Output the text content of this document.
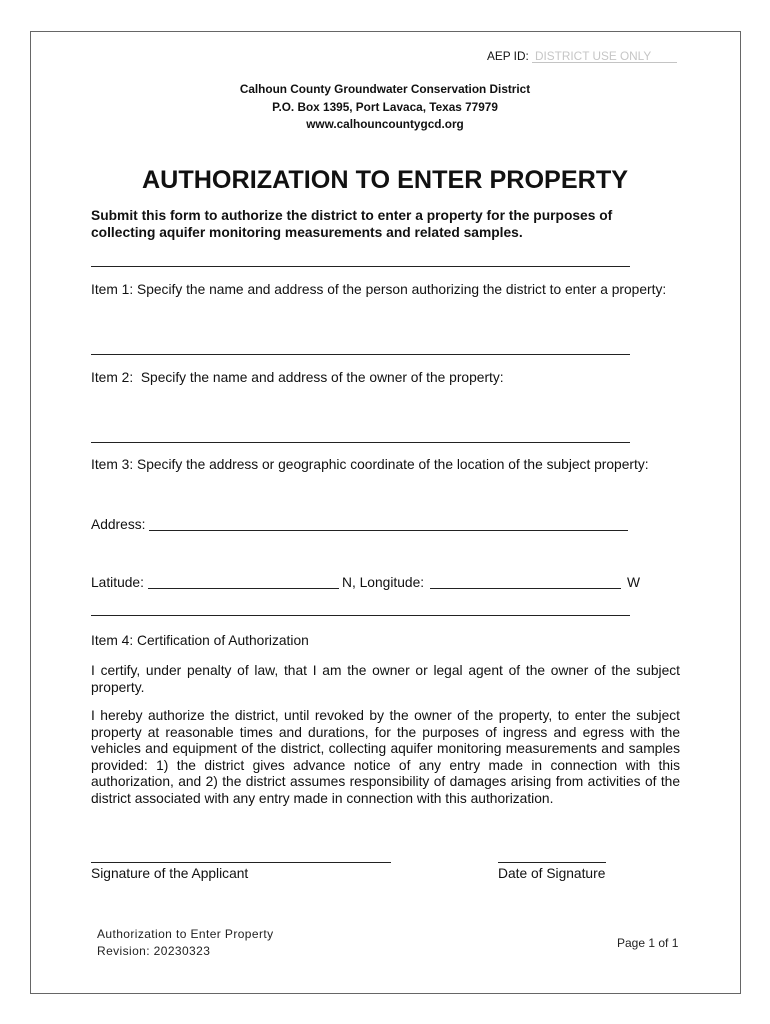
AEP ID: DISTRICT USE ONLY
Calhoun County Groundwater Conservation District
P.O. Box 1395, Port Lavaca, Texas 77979
www.calhouncountygcd.org
AUTHORIZATION TO ENTER PROPERTY
Submit this form to authorize the district to enter a property for the purposes of
collecting aquifer monitoring measurements and related samples.
Item 1: Specify the name and address of the person authorizing the district to enter a property:
Item 2:  Specify the name and address of the owner of the property:
Item 3: Specify the address or geographic coordinate of the location of the subject property:
Address:
Latitude:	N, Longitude:	W
Item 4: Certification of Authorization
I certify, under penalty of law, that I am the owner or legal agent of the owner of the subject
property.
I hereby authorize the district, until revoked by the owner of the property, to enter the subject
property at reasonable times and durations, for the purposes of ingress and egress with the
vehicles and equipment of the district, collecting aquifer monitoring measurements and samples
provided: 1) the district gives advance notice of any entry made in connection with this
authorization, and 2) the district assumes responsibility of damages arising from activities of the
district associated with any entry made in connection with this authorization.
Signature of the Applicant	Date of Signature
Authorization to Enter Property
Revision: 20230323
Page 1 of 1
